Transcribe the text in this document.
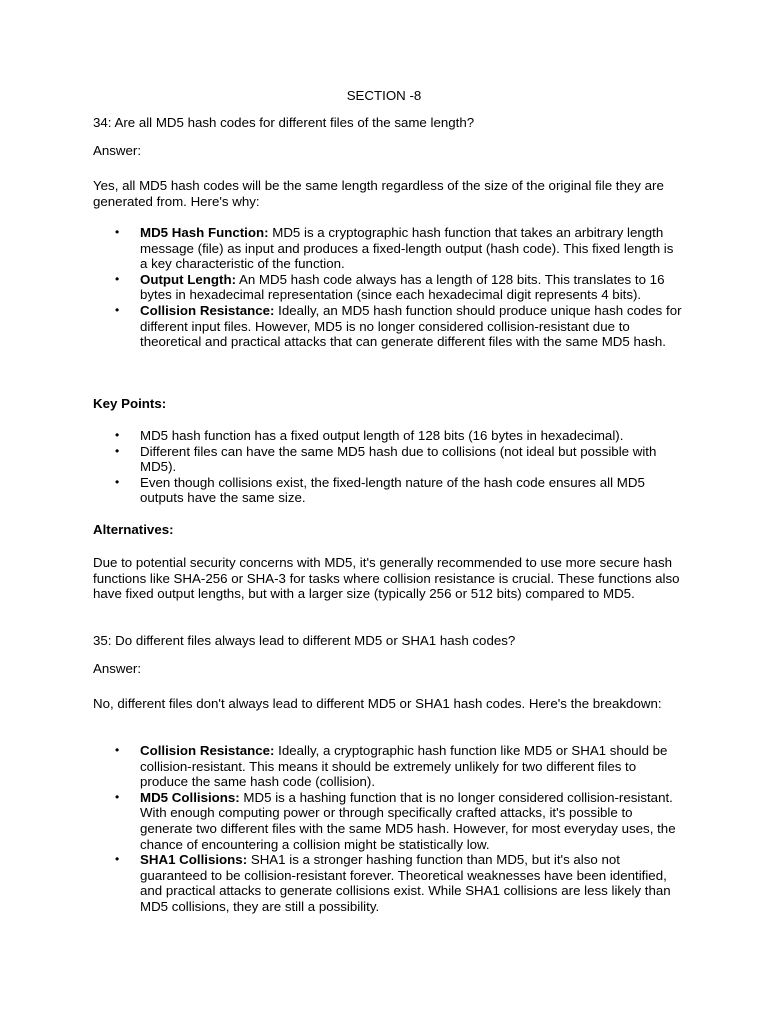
SECTION -8

34: Are all MD5 hash codes for different files of the same length?

Answer:

Yes, all MD5 hash codes will be the same length regardless of the size of the original file they are generated from. Here's why:

• MD5 Hash Function: MD5 is a cryptographic hash function that takes an arbitrary length message (file) as input and produces a fixed-length output (hash code). This fixed length is a key characteristic of the function.
• Output Length: An MD5 hash code always has a length of 128 bits. This translates to 16 bytes in hexadecimal representation (since each hexadecimal digit represents 4 bits).
• Collision Resistance: Ideally, an MD5 hash function should produce unique hash codes for different input files. However, MD5 is no longer considered collision-resistant due to theoretical and practical attacks that can generate different files with the same MD5 hash.

Key Points:

• MD5 hash function has a fixed output length of 128 bits (16 bytes in hexadecimal).
• Different files can have the same MD5 hash due to collisions (not ideal but possible with MD5).
• Even though collisions exist, the fixed-length nature of the hash code ensures all MD5 outputs have the same size.

Alternatives:

Due to potential security concerns with MD5, it's generally recommended to use more secure hash functions like SHA-256 or SHA-3 for tasks where collision resistance is crucial. These functions also have fixed output lengths, but with a larger size (typically 256 or 512 bits) compared to MD5.

35: Do different files always lead to different MD5 or SHA1 hash codes?

Answer:

No, different files don't always lead to different MD5 or SHA1 hash codes. Here's the breakdown:

• Collision Resistance: Ideally, a cryptographic hash function like MD5 or SHA1 should be collision-resistant. This means it should be extremely unlikely for two different files to produce the same hash code (collision).
• MD5 Collisions: MD5 is a hashing function that is no longer considered collision-resistant. With enough computing power or through specifically crafted attacks, it's possible to generate two different files with the same MD5 hash. However, for most everyday uses, the chance of encountering a collision might be statistically low.
• SHA1 Collisions: SHA1 is a stronger hashing function than MD5, but it's also not guaranteed to be collision-resistant forever. Theoretical weaknesses have been identified, and practical attacks to generate collisions exist. While SHA1 collisions are less likely than MD5 collisions, they are still a possibility.
